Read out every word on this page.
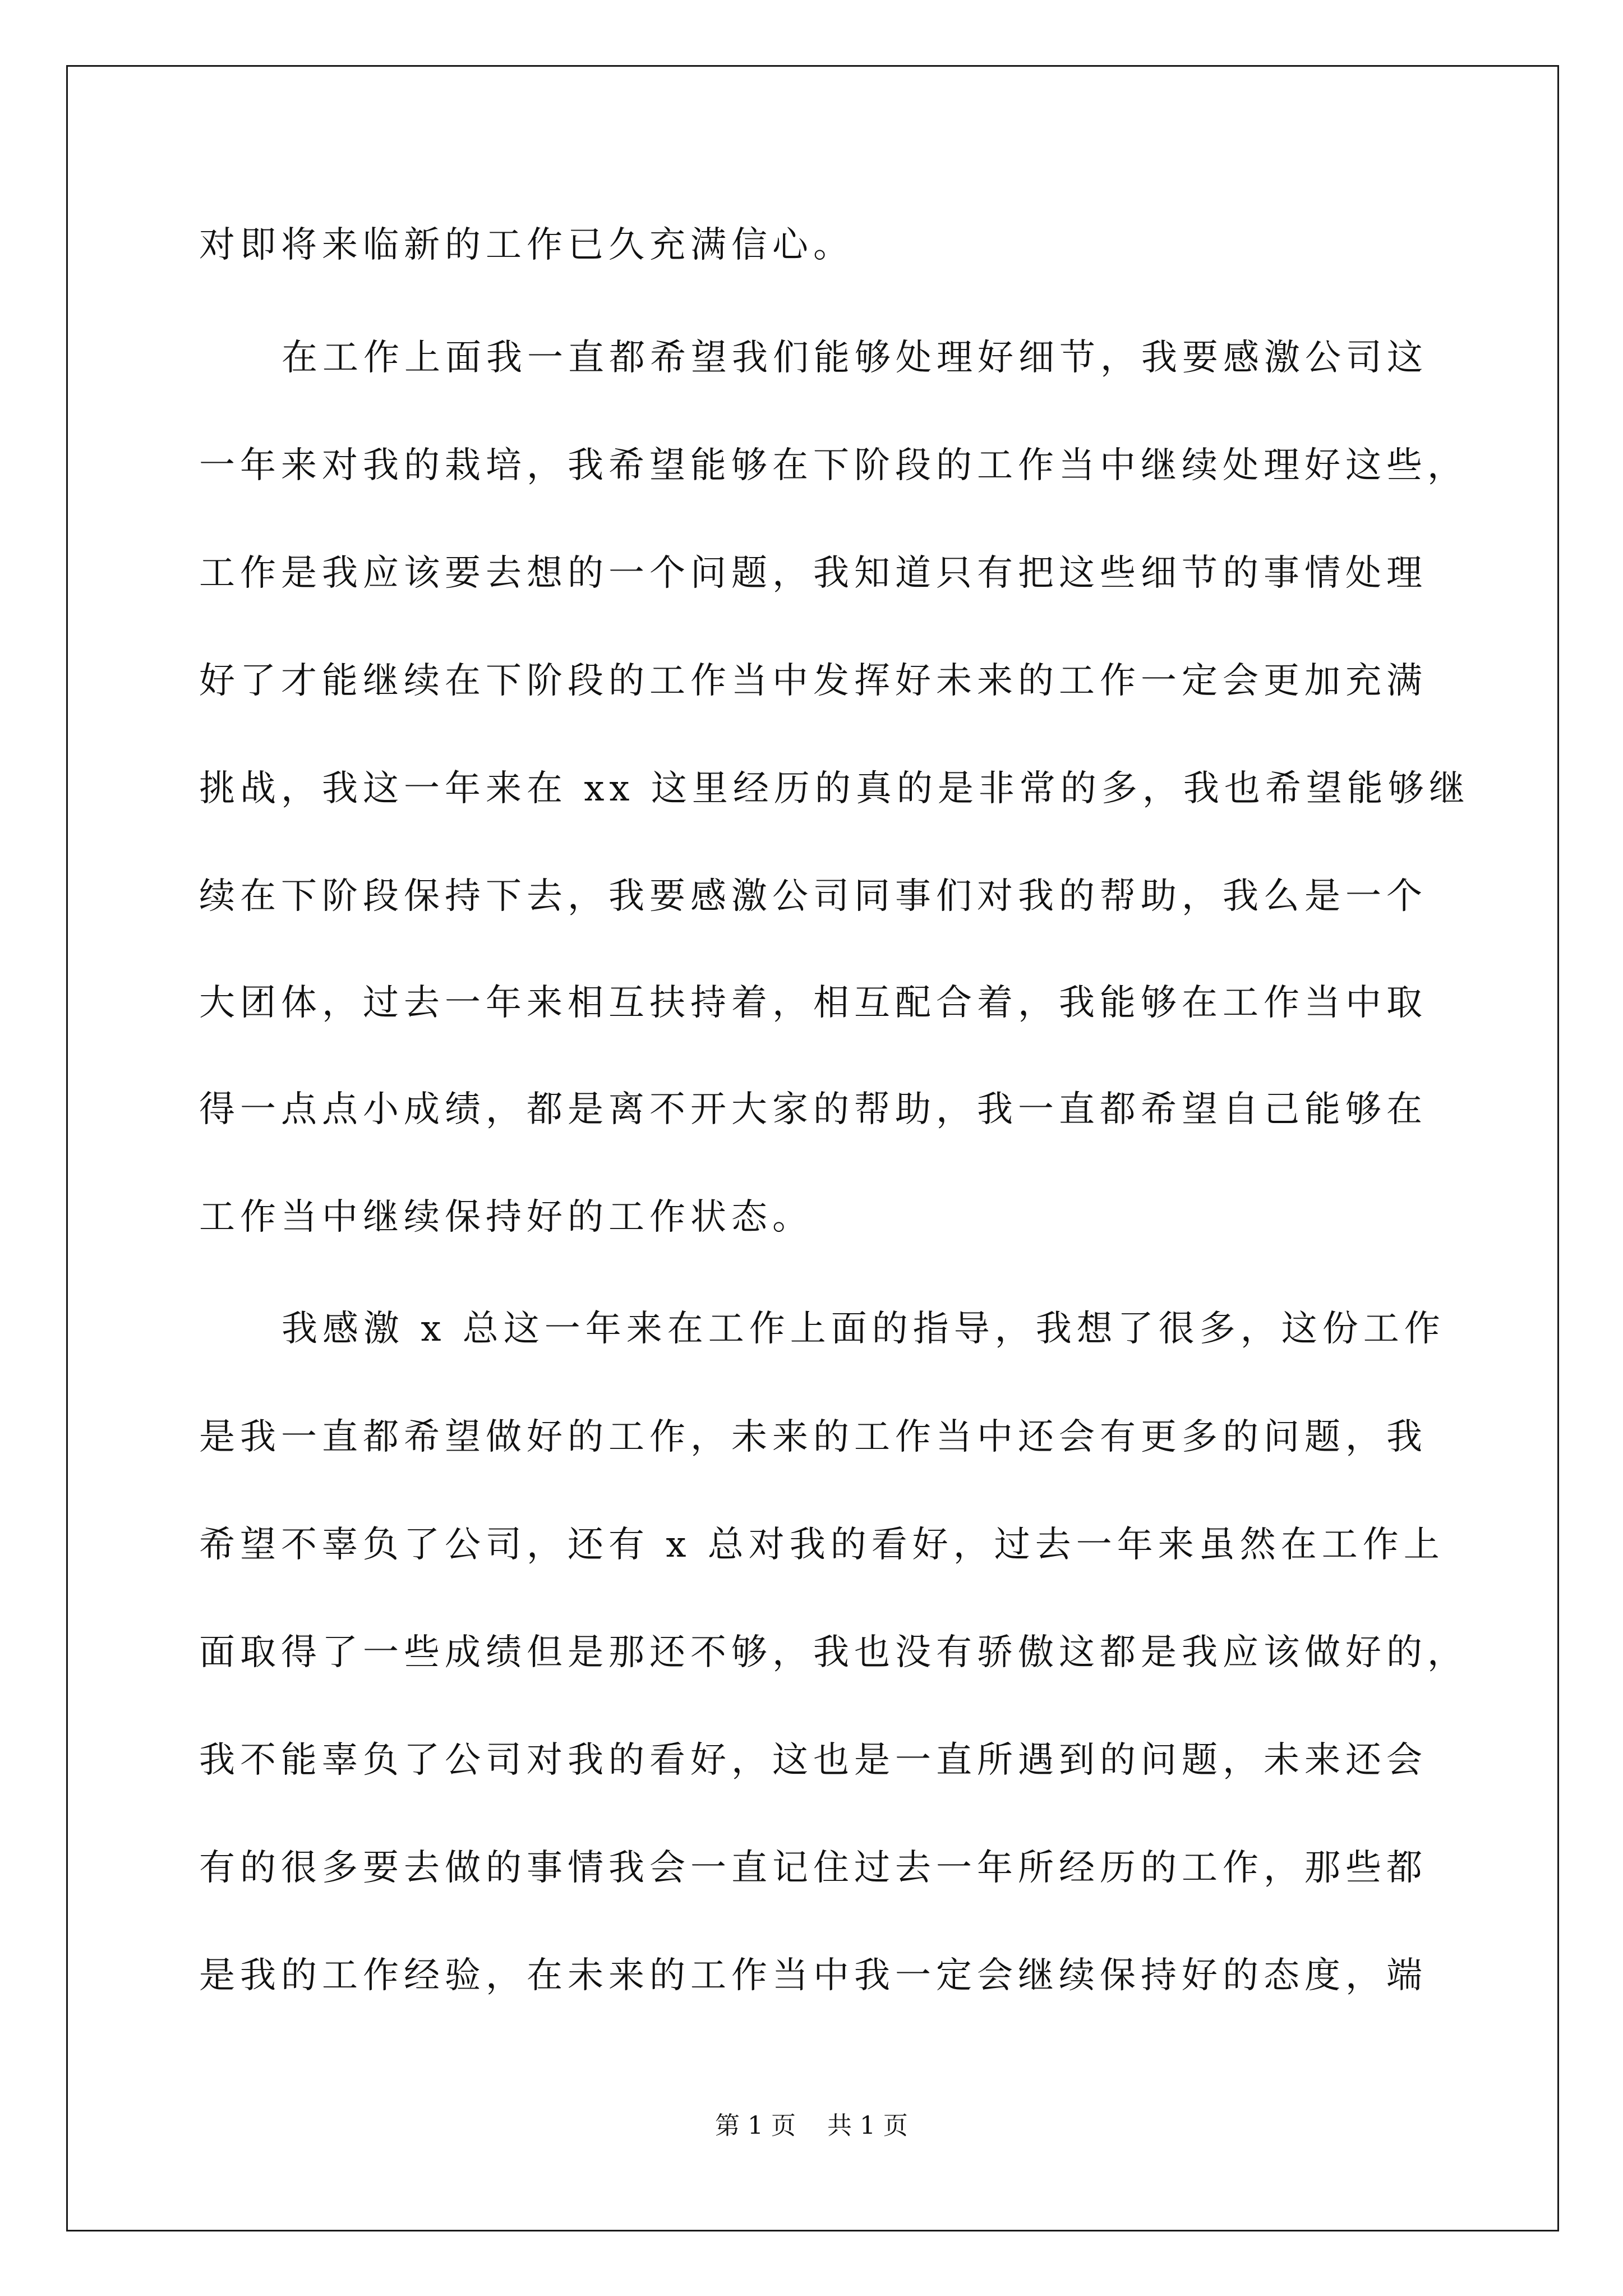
对即将来临新的工作已久充满信心。
在工作上面我一直都希望我们能够处理好细节，我要感激公司这
一年来对我的栽培，我希望能够在下阶段的工作当中继续处理好这些，
工作是我应该要去想的一个问题，我知道只有把这些细节的事情处理
好了才能继续在下阶段的工作当中发挥好未来的工作一定会更加充满
挑战，我这一年来在 xx 这里经历的真的是非常的多，我也希望能够继
续在下阶段保持下去，我要感激公司同事们对我的帮助，我么是一个
大团体，过去一年来相互扶持着，相互配合着，我能够在工作当中取
得一点点小成绩，都是离不开大家的帮助，我一直都希望自己能够在
工作当中继续保持好的工作状态。
我感激 x 总这一年来在工作上面的指导，我想了很多，这份工作
是我一直都希望做好的工作，未来的工作当中还会有更多的问题，我
希望不辜负了公司，还有 x 总对我的看好，过去一年来虽然在工作上
面取得了一些成绩但是那还不够，我也没有骄傲这都是我应该做好的，
我不能辜负了公司对我的看好，这也是一直所遇到的问题，未来还会
有的很多要去做的事情我会一直记住过去一年所经历的工作，那些都
是我的工作经验，在未来的工作当中我一定会继续保持好的态度，端
第 1 页    共 1 页
